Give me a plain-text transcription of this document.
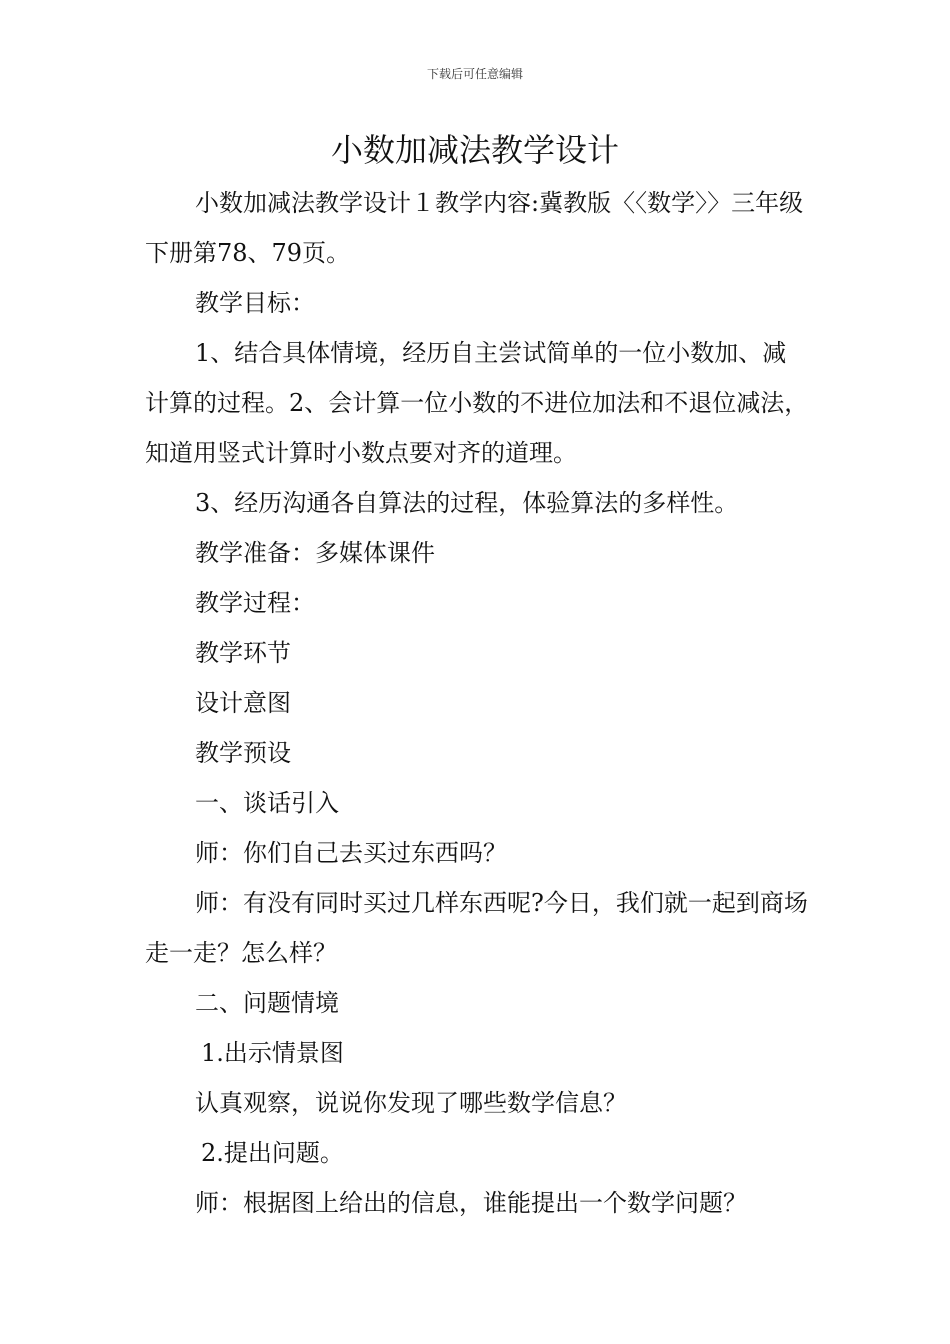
下载后可任意编辑
小数加减法教学设计

小数加减法教学设计１教学内容:冀教版〈〈数学〉〉三年级下册第78、79页。

教学目标：

1、结合具体情境，经历自主尝试简单的一位小数加、减计算的过程。2、会计算一位小数的不进位加法和不退位减法，知道用竖式计算时小数点要对齐的道理。

3、经历沟通各自算法的过程，体验算法的多样性。

教学准备：多媒体课件

教学过程：

教学环节

设计意图

教学预设

一、谈话引入

师：你们自己去买过东西吗？

师：有没有同时买过几样东西呢?今日，我们就一起到商场走一走？怎么样？

二、问题情境

1.出示情景图

认真观察，说说你发现了哪些数学信息？

2.提出问题。

师：根据图上给出的信息，谁能提出一个数学问题？
